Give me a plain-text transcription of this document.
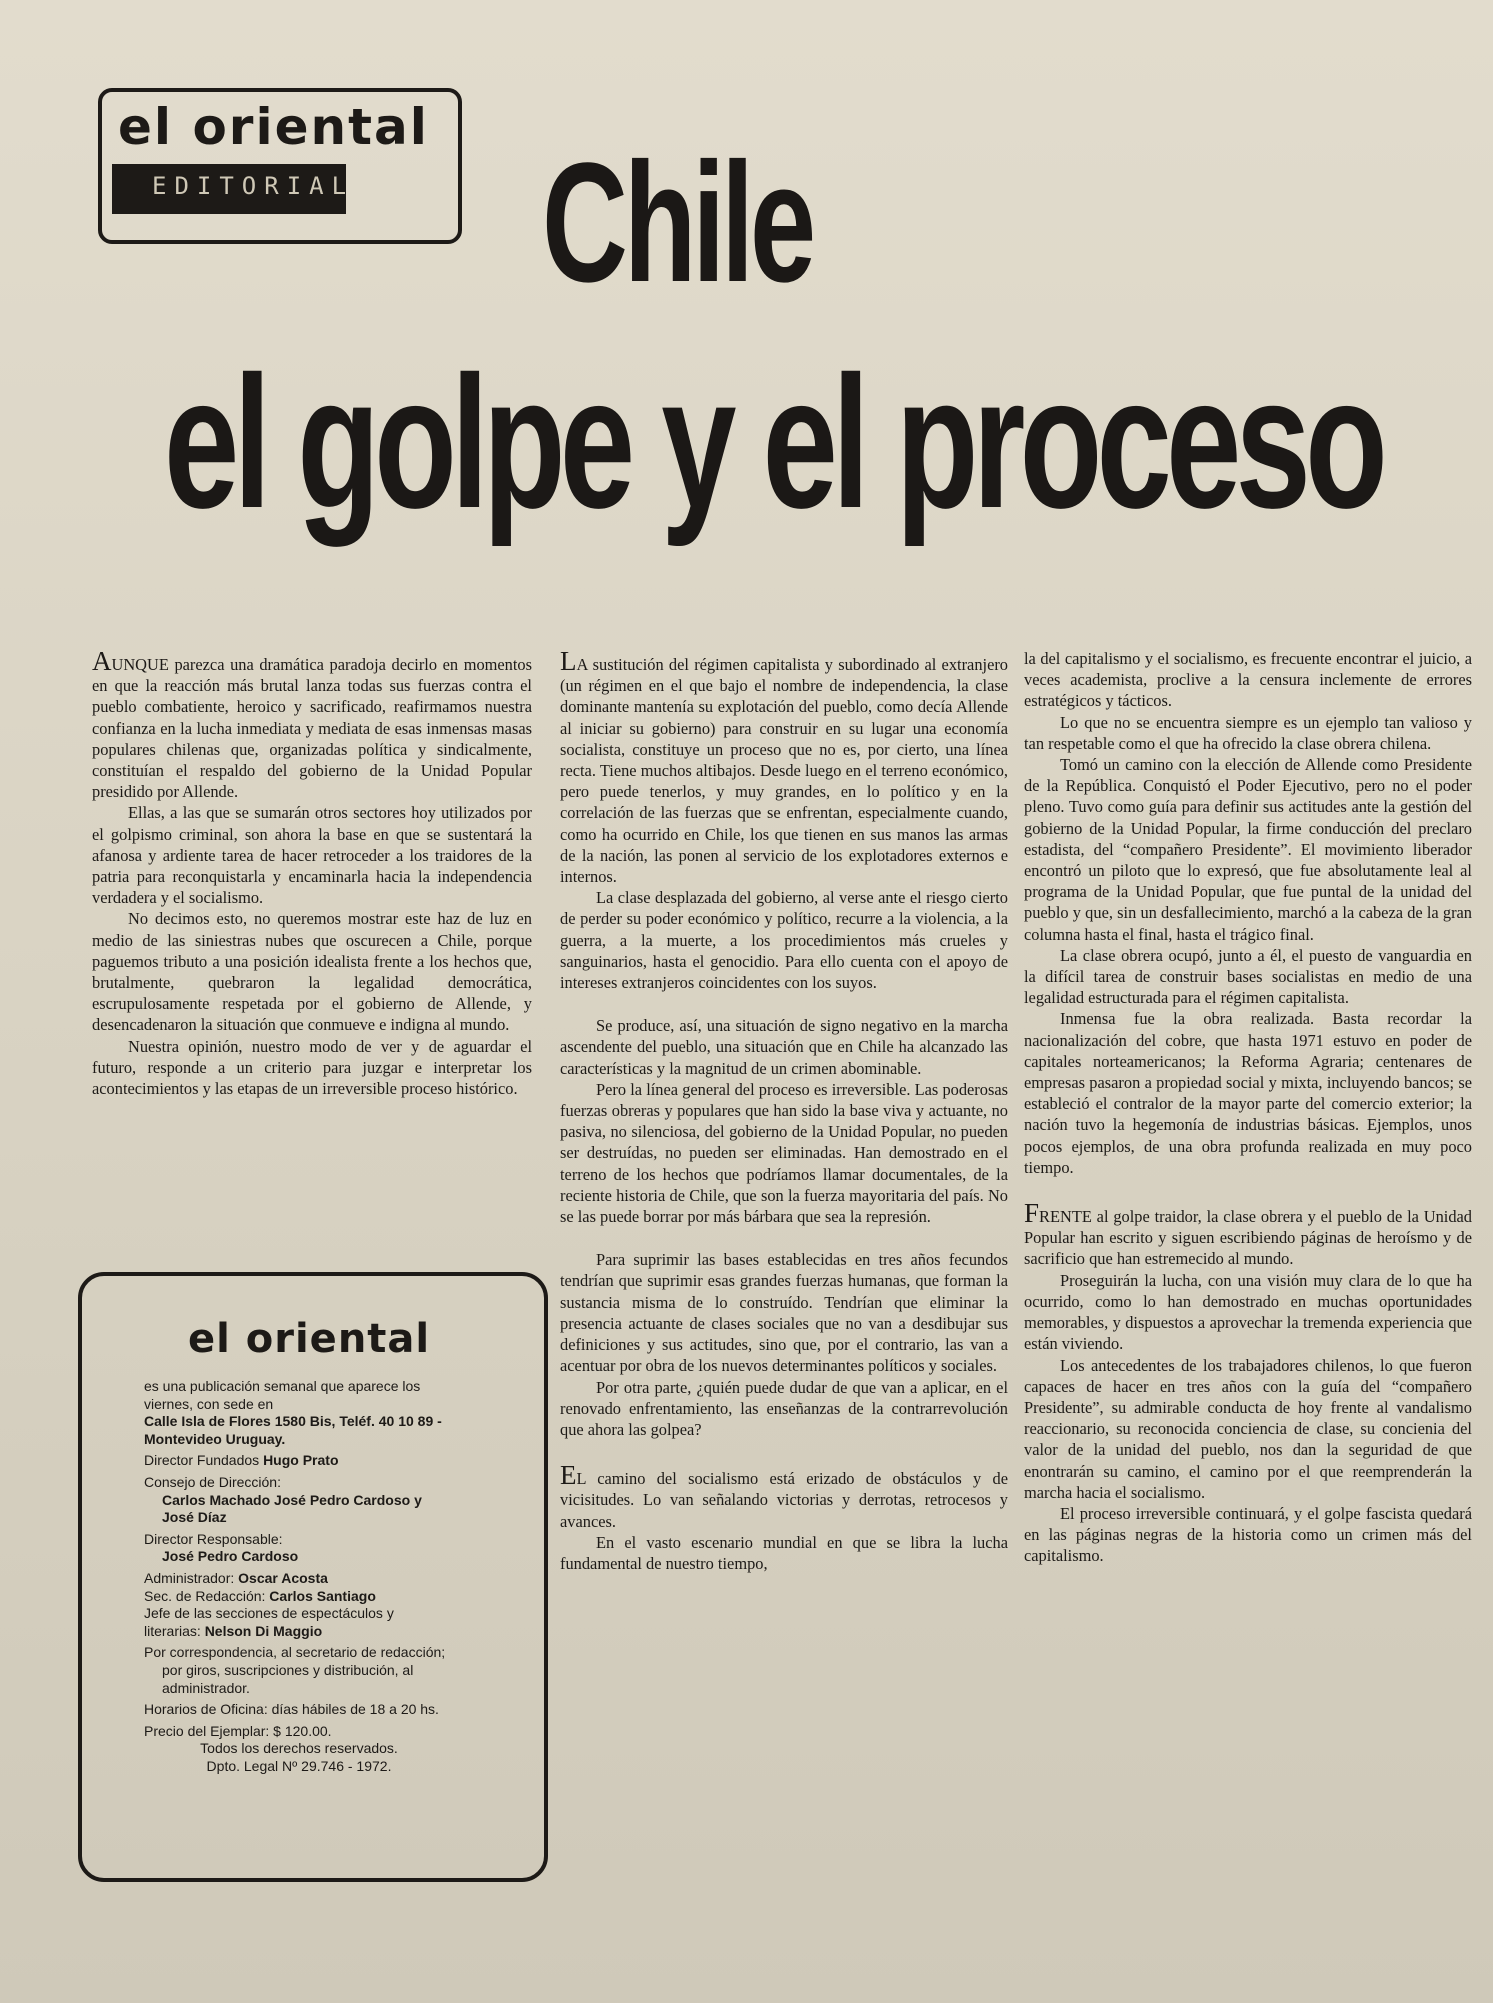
el oriental
EDITORIAL Chile
el golpe y el proceso

AUNQUE parezca una dramática paradoja decirlo en momentos en que la reacción más brutal lanza todas sus fuerzas contra el pueblo combatiente, heroico y sacrificado, reafirmamos nuestra confianza en la lucha inmediata y mediata de esas inmensas masas populares chilenas que, organizadas política y sindicalmente, constituían el respaldo del gobierno de la Unidad Popular presidido por Allende.

Ellas, a las que se sumarán otros sectores hoy utilizados por el golpismo criminal, son ahora la base en que se sustentará la afanosa y ardiente tarea de hacer retroceder a los traidores de la patria para reconquistarla y encaminarla hacia la independencia verdadera y el socialismo.

No decimos esto, no queremos mostrar este haz de luz en medio de las siniestras nubes que oscurecen a Chile, porque paguemos tributo a una posición idealista frente a los hechos que, brutalmente, quebraron la legalidad democrática, escrupulosamente respetada por el gobierno de Allende, y desencadenaron la situación que conmueve e indigna al mundo.

Nuestra opinión, nuestro modo de ver y de aguardar el futuro, responde a un criterio para juzgar e interpretar los acontecimientos y las etapas de un irreversible proceso histórico.

LA sustitución del régimen capitalista y subordinado al extranjero (un régimen en el que bajo el nombre de independencia, la clase dominante mantenía su explotación del pueblo, como decía Allende al iniciar su gobierno) para construir en su lugar una economía socialista, constituye un proceso que no es, por cierto, una línea recta. Tiene muchos altibajos. Desde luego en el terreno económico, pero puede tenerlos, y muy grandes, en lo político y en la correlación de las fuerzas que se enfrentan, especialmente cuando, como ha ocurrido en Chile, los que tienen en sus manos las armas de la nación, las ponen al servicio de los explotadores externos e internos.

La clase desplazada del gobierno, al verse ante el riesgo cierto de perder su poder económico y político, recurre a la violencia, a la guerra, a la muerte, a los procedimientos más crueles y sanguinarios, hasta el genocidio. Para ello cuenta con el apoyo de intereses extranjeros coincidentes con los suyos.

Se produce, así, una situación de signo negativo en la marcha ascendente del pueblo, una situación que en Chile ha alcanzado las características y la magnitud de un crimen abominable.

Pero la línea general del proceso es irreversible. Las poderosas fuerzas obreras y populares que han sido la base viva y actuante, no pasiva, no silenciosa, del gobierno de la Unidad Popular, no pueden ser destruídas, no pueden ser eliminadas. Han demostrado en el terreno de los hechos que podríamos llamar documentales, de la reciente historia de Chile, que son la fuerza mayoritaria del país. No se las puede borrar por más bárbara que sea la represión.

Para suprimir las bases establecidas en tres años fecundos tendrían que suprimir esas grandes fuerzas humanas, que forman la sustancia misma de lo construído. Tendrían que eliminar la presencia actuante de clases sociales que no van a desdibujar sus definiciones y sus actitudes, sino que, por el contrario, las van a acentuar por obra de los nuevos determinantes políticos y sociales.

Por otra parte, ¿quién puede dudar de que van a aplicar, en el renovado enfrentamiento, las enseñanzas de la contrarrevolución que ahora las golpea?

EL camino del socialismo está erizado de obstáculos y de vicisitudes. Lo van señalando victorias y derrotas, retrocesos y avances.

En el vasto escenario mundial en que se libra la lucha fundamental de nuestro tiempo,

la del capitalismo y el socialismo, es frecuente encontrar el juicio, a veces academista, proclive a la censura inclemente de errores estratégicos y tácticos.

Lo que no se encuentra siempre es un ejemplo tan valioso y tan respetable como el que ha ofrecido la clase obrera chilena.

Tomó un camino con la elección de Allende como Presidente de la República. Conquistó el Poder Ejecutivo, pero no el poder pleno. Tuvo como guía para definir sus actitudes ante la gestión del gobierno de la Unidad Popular, la firme conducción del preclaro estadista, del “compañero Presidente”. El movimiento liberador encontró un piloto que lo expresó, que fue absolutamente leal al programa de la Unidad Popular, que fue puntal de la unidad del pueblo y que, sin un desfallecimiento, marchó a la cabeza de la gran columna hasta el final, hasta el trágico final.

La clase obrera ocupó, junto a él, el puesto de vanguardia en la difícil tarea de construir bases socialistas en medio de una legalidad estructurada para el régimen capitalista.

Inmensa fue la obra realizada. Basta recordar la nacionalización del cobre, que hasta 1971 estuvo en poder de capitales norteamericanos; la Reforma Agraria; centenares de empresas pasaron a propiedad social y mixta, incluyendo bancos; se estableció el contralor de la mayor parte del comercio exterior; la nación tuvo la hegemonía de industrias básicas. Ejemplos, unos pocos ejemplos, de una obra profunda realizada en muy poco tiempo.

FRENTE al golpe traidor, la clase obrera y el pueblo de la Unidad Popular han escrito y siguen escribiendo páginas de heroísmo y de sacrificio que han estremecido al mundo.

Proseguirán la lucha, con una visión muy clara de lo que ha ocurrido, como lo han demostrado en muchas oportunidades memorables, y dispuestos a aprovechar la tremenda experiencia que están viviendo.

Los antecedentes de los trabajadores chilenos, lo que fueron capaces de hacer en tres años con la guía del “compañero Presidente”, su admirable conducta de hoy frente al vandalismo reaccionario, su reconocida conciencia de clase, su concienia del valor de la unidad del pueblo, nos dan la seguridad de que enontrarán su camino, el camino por el que reemprenderán la marcha hacia el socialismo.

El proceso irreversible continuará, y el golpe fascista quedará en las páginas negras de la historia como un crimen más del capitalismo.

el oriental
es una publicación semanal que aparece los viernes, con sede en
Calle Isla de Flores 1580 Bis, Teléf. 40 10 89 - Montevideo Uruguay.
Director Fundados Hugo Prato
Consejo de Dirección:
Carlos Machado José Pedro Cardoso y José Díaz
Director Responsable:
José Pedro Cardoso
Administrador: Oscar Acosta
Sec. de Redacción: Carlos Santiago
Jefe de las secciones de espectáculos y literarias: Nelson Di Maggio
Por correspondencia, al secretario de redacción; por giros, suscripciones y distribución, al administrador.
Horarios de Oficina: días hábiles de 18 a 20 hs.
Precio del Ejemplar: $ 120.00.
Todos los derechos reservados.
Dpto. Legal Nº 29.746 - 1972.
